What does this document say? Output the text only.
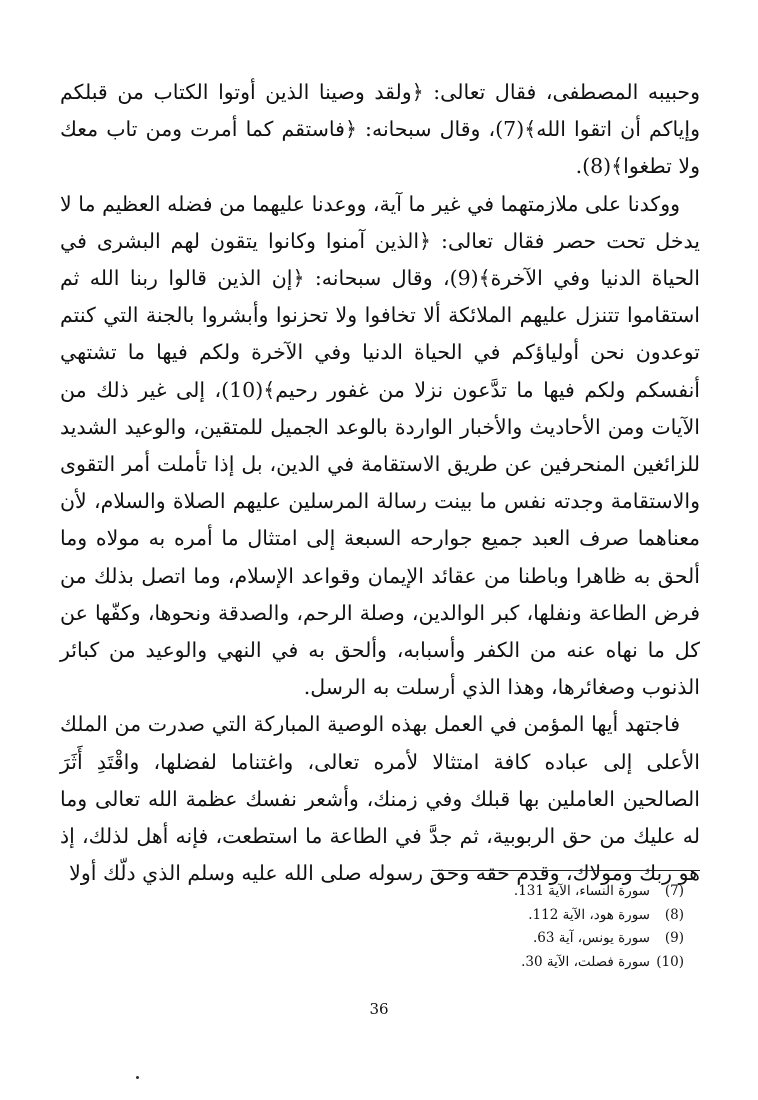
وحبيبه المصطفى، فقال تعالى: ﴿ولقد وصينا الذين أوتوا الكتاب من قبلكم وإياكم أن اتقوا الله﴾(7)، وقال سبحانه: ﴿فاستقم كما أمرت ومن تاب معك ولا تطغوا﴾(8).

ووكدنا على ملازمتهما في غير ما آية، ووعدنا عليهما من فضله العظيم ما لا يدخل تحت حصر فقال تعالى: ﴿الذين آمنوا وكانوا يتقون لهم البشرى في الحياة الدنيا وفي الآخرة﴾(9)، وقال سبحانه: ﴿إن الذين قالوا ربنا الله ثم استقاموا تتنزل عليهم الملائكة ألا تخافوا ولا تحزنوا وأبشروا بالجنة التي كنتم توعدون نحن أولياؤكم في الحياة الدنيا وفي الآخرة ولكم فيها ما تشتهي أنفسكم ولكم فيها ما تدَّعون نزلا من غفور رحيم﴾(10)، إلى غير ذلك من الآيات ومن الأحاديث والأخبار الواردة بالوعد الجميل للمتقين، والوعيد الشديد للزائغين المنحرفين عن طريق الاستقامة في الدين، بل إذا تأملت أمر التقوى والاستقامة وجدته نفس ما بينت رسالة المرسلين عليهم الصلاة والسلام، لأن معناهما صرف العبد جميع جوارحه السبعة إلى امتثال ما أمره به مولاه وما ألحق به ظاهرا وباطنا من عقائد الإيمان وقواعد الإسلام، وما اتصل بذلك من فرض الطاعة ونفلها، كبر الوالدين، وصلة الرحم، والصدقة ونحوها، وكفّها عن كل ما نهاه عنه من الكفر وأسبابه، وألحق به في النهي والوعيد من كبائر الذنوب وصغائرها، وهذا الذي أرسلت به الرسل.

فاجتهد أيها المؤمن في العمل بهذه الوصية المباركة التي صدرت من الملك الأعلى إلى عباده كافة امتثالا لأمره تعالى، واغتناما لفضلها، واقْتَدِ أَثَرَ الصالحين العاملين بها قبلك وفي زمنك، وأشعر نفسك عظمة الله تعالى وما له عليك من حق الربوبية، ثم جدَّ في الطاعة ما استطعت، فإنه أهل لذلك، إذ هو ربك ومولاك، وقدم حقه وحق رسوله صلى الله عليه وسلم الذي دلّك أولا

(7)
سورة النساء، الآية 131.
(8)
سورة هود، الآية 112.
(9)
سورة يونس، آية 63.
(10)
سورة فصلت، الآية 30.
36
